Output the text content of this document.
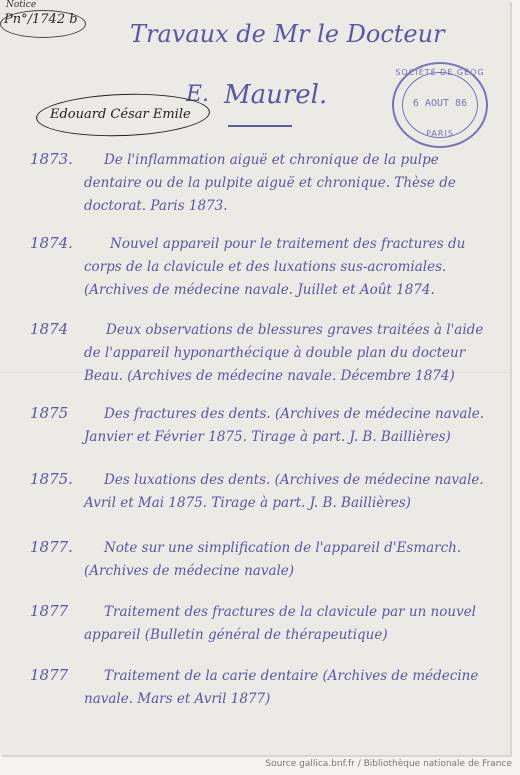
Notice
Pn°/1742 b
Travaux de Mr le Docteur
E. Maurel.
Edouard César Emile
SOCIÉTÉ DE GÉOG
6 AOUT 86
PARIS
1873. De l'inflammation aiguë et chronique de la pulpe
dentaire ou de la pulpite aiguë et chronique. Thèse de
doctorat. Paris 1873.
1874.	Nouvel appareil pour le traitement des fractures du
corps de la clavicule et des luxations sus-acromiales.
(Archives de médecine navale. Juillet et Août 1874.
1874	Deux observations de blessures graves traitées à l'aide
de l'appareil hyponarthécique à double plan du docteur
Beau. (Archives de médecine navale. Décembre 1874)
1875	Des fractures des dents. (Archives de médecine navale.
Janvier et Février 1875. Tirage à part. J. B. Baillières)
1875. Des luxations des dents. (Archives de médecine navale.
Avril et Mai 1875. Tirage à part. J. B. Baillières)
1877. Note sur une simplification de l'appareil d'Esmarch.
(Archives de médecine navale)
1877	Traitement des fractures de la clavicule par un nouvel
appareil (Bulletin général de thérapeutique)
1877	Traitement de la carie dentaire (Archives de médecine
navale. Mars et Avril 1877)
Source gallica.bnf.fr / Bibliothèque nationale de France
